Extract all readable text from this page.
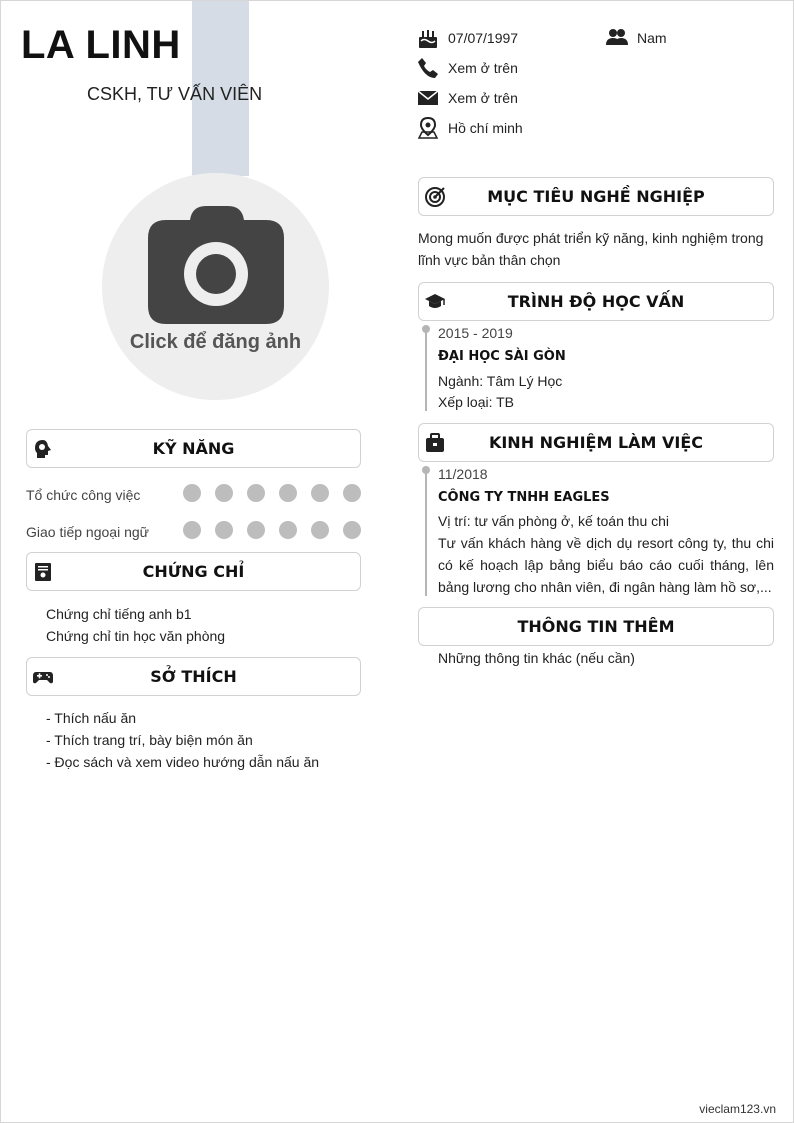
LA LINH
CSKH, TƯ VẤN VIÊN
Click để đăng ảnh
07/07/1997	Nam
Xem ở trên
Xem ở trên
Hồ chí minh
MỤC TIÊU NGHỀ NGHIỆP
Mong muốn được phát triển kỹ năng, kinh nghiệm trong lĩnh vực bản thân chọn
TRÌNH ĐỘ HỌC VẤN
2015 - 2019
ĐẠI HỌC SÀI GÒN
Ngành: Tâm Lý Học
Xếp loại: TB
KINH NGHIỆM LÀM VIỆC
11/2018
CÔNG TY TNHH EAGLES
Vị trí: tư vấn phòng ở, kế toán thu chi
Tư vấn khách hàng về dịch dụ resort công ty, thu chi có kế hoạch lập bảng biểu báo cáo cuối tháng, lên bảng lương cho nhân viên, đi ngân hàng làm hồ sơ,...
THÔNG TIN THÊM
Những thông tin khác (nếu cần)
KỸ NĂNG
Tổ chức công việc
Giao tiếp ngoại ngữ
CHỨNG CHỈ
Chứng chỉ tiếng anh b1
Chứng chỉ tin học văn phòng
SỞ THÍCH
- Thích nấu ăn
- Thích trang trí, bày biện món ăn
- Đọc sách và xem video hướng dẫn nấu ăn
vieclam123.vn
